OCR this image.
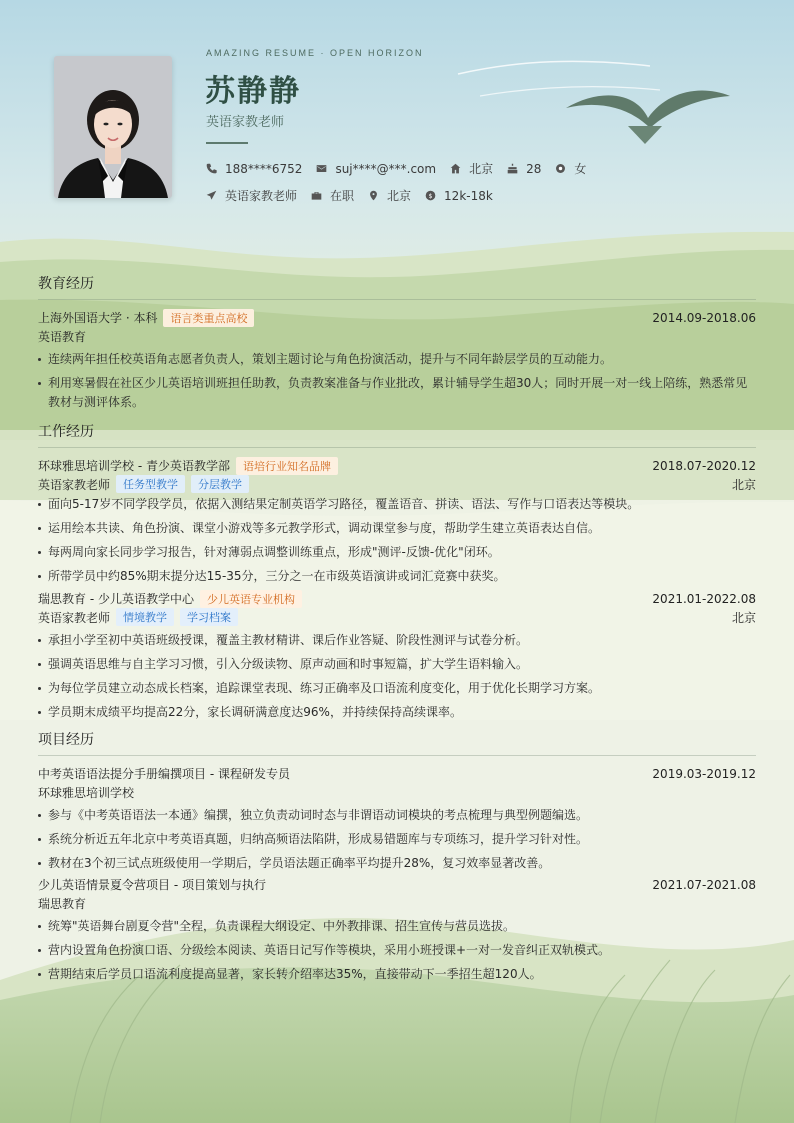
AMAZING RESUME · OPEN HORIZON
苏静静
英语家教老师
188****6752	suj****@***.com	北京	28	女
英语家教老师	在职	北京 $ 12k-18k
教育经历
上海外国语大学 · 本科	语言类重点高校	2014.09-2018.06
英语教育
连续两年担任校英语角志愿者负责人，策划主题讨论与角色扮演活动，提升与不同年龄层学员的互动能力。
利用寒暑假在社区少儿英语培训班担任助教，负责教案准备与作业批改，累计辅导学生超30人；同时开展一对一线上陪练，熟悉常见教材与测评体系。
工作经历
环球雅思培训学校 - 青少英语教学部	语培行业知名品牌	2018.07-2020.12
英语家教老师	任务型教学	分层教学	北京
面向5-17岁不同学段学员，依据入测结果定制英语学习路径，覆盖语音、拼读、语法、写作与口语表达等模块。
运用绘本共读、角色扮演、课堂小游戏等多元教学形式，调动课堂参与度，帮助学生建立英语表达自信。
每两周向家长同步学习报告，针对薄弱点调整训练重点，形成"测评-反馈-优化"闭环。
所带学员中约85%期末提分达15-35分，三分之一在市级英语演讲或词汇竞赛中获奖。
瑞思教育 - 少儿英语教学中心	少儿英语专业机构	2021.01-2022.08
英语家教老师	情境教学	学习档案	北京
承担小学至初中英语班级授课，覆盖主教材精讲、课后作业答疑、阶段性测评与试卷分析。
强调英语思维与自主学习习惯，引入分级读物、原声动画和时事短篇，扩大学生语料输入。
为每位学员建立动态成长档案，追踪课堂表现、练习正确率及口语流利度变化，用于优化长期学习方案。
学员期末成绩平均提高22分，家长调研满意度达96%，并持续保持高续课率。
项目经历
中考英语语法提分手册编撰项目 - 课程研发专员	2019.03-2019.12
环球雅思培训学校
参与《中考英语语法一本通》编撰，独立负责动词时态与非谓语动词模块的考点梳理与典型例题编选。
系统分析近五年北京中考英语真题，归纳高频语法陷阱，形成易错题库与专项练习，提升学习针对性。
教材在3个初三试点班级使用一学期后，学员语法题正确率平均提升28%，复习效率显著改善。
少儿英语情景夏令营项目 - 项目策划与执行	2021.07-2021.08
瑞思教育
统筹"英语舞台剧夏令营"全程，负责课程大纲设定、中外教排课、招生宣传与营员选拔。
营内设置角色扮演口语、分级绘本阅读、英语日记写作等模块，采用小班授课+一对一发音纠正双轨模式。
营期结束后学员口语流利度提高显著，家长转介绍率达35%，直接带动下一季招生超120人。
